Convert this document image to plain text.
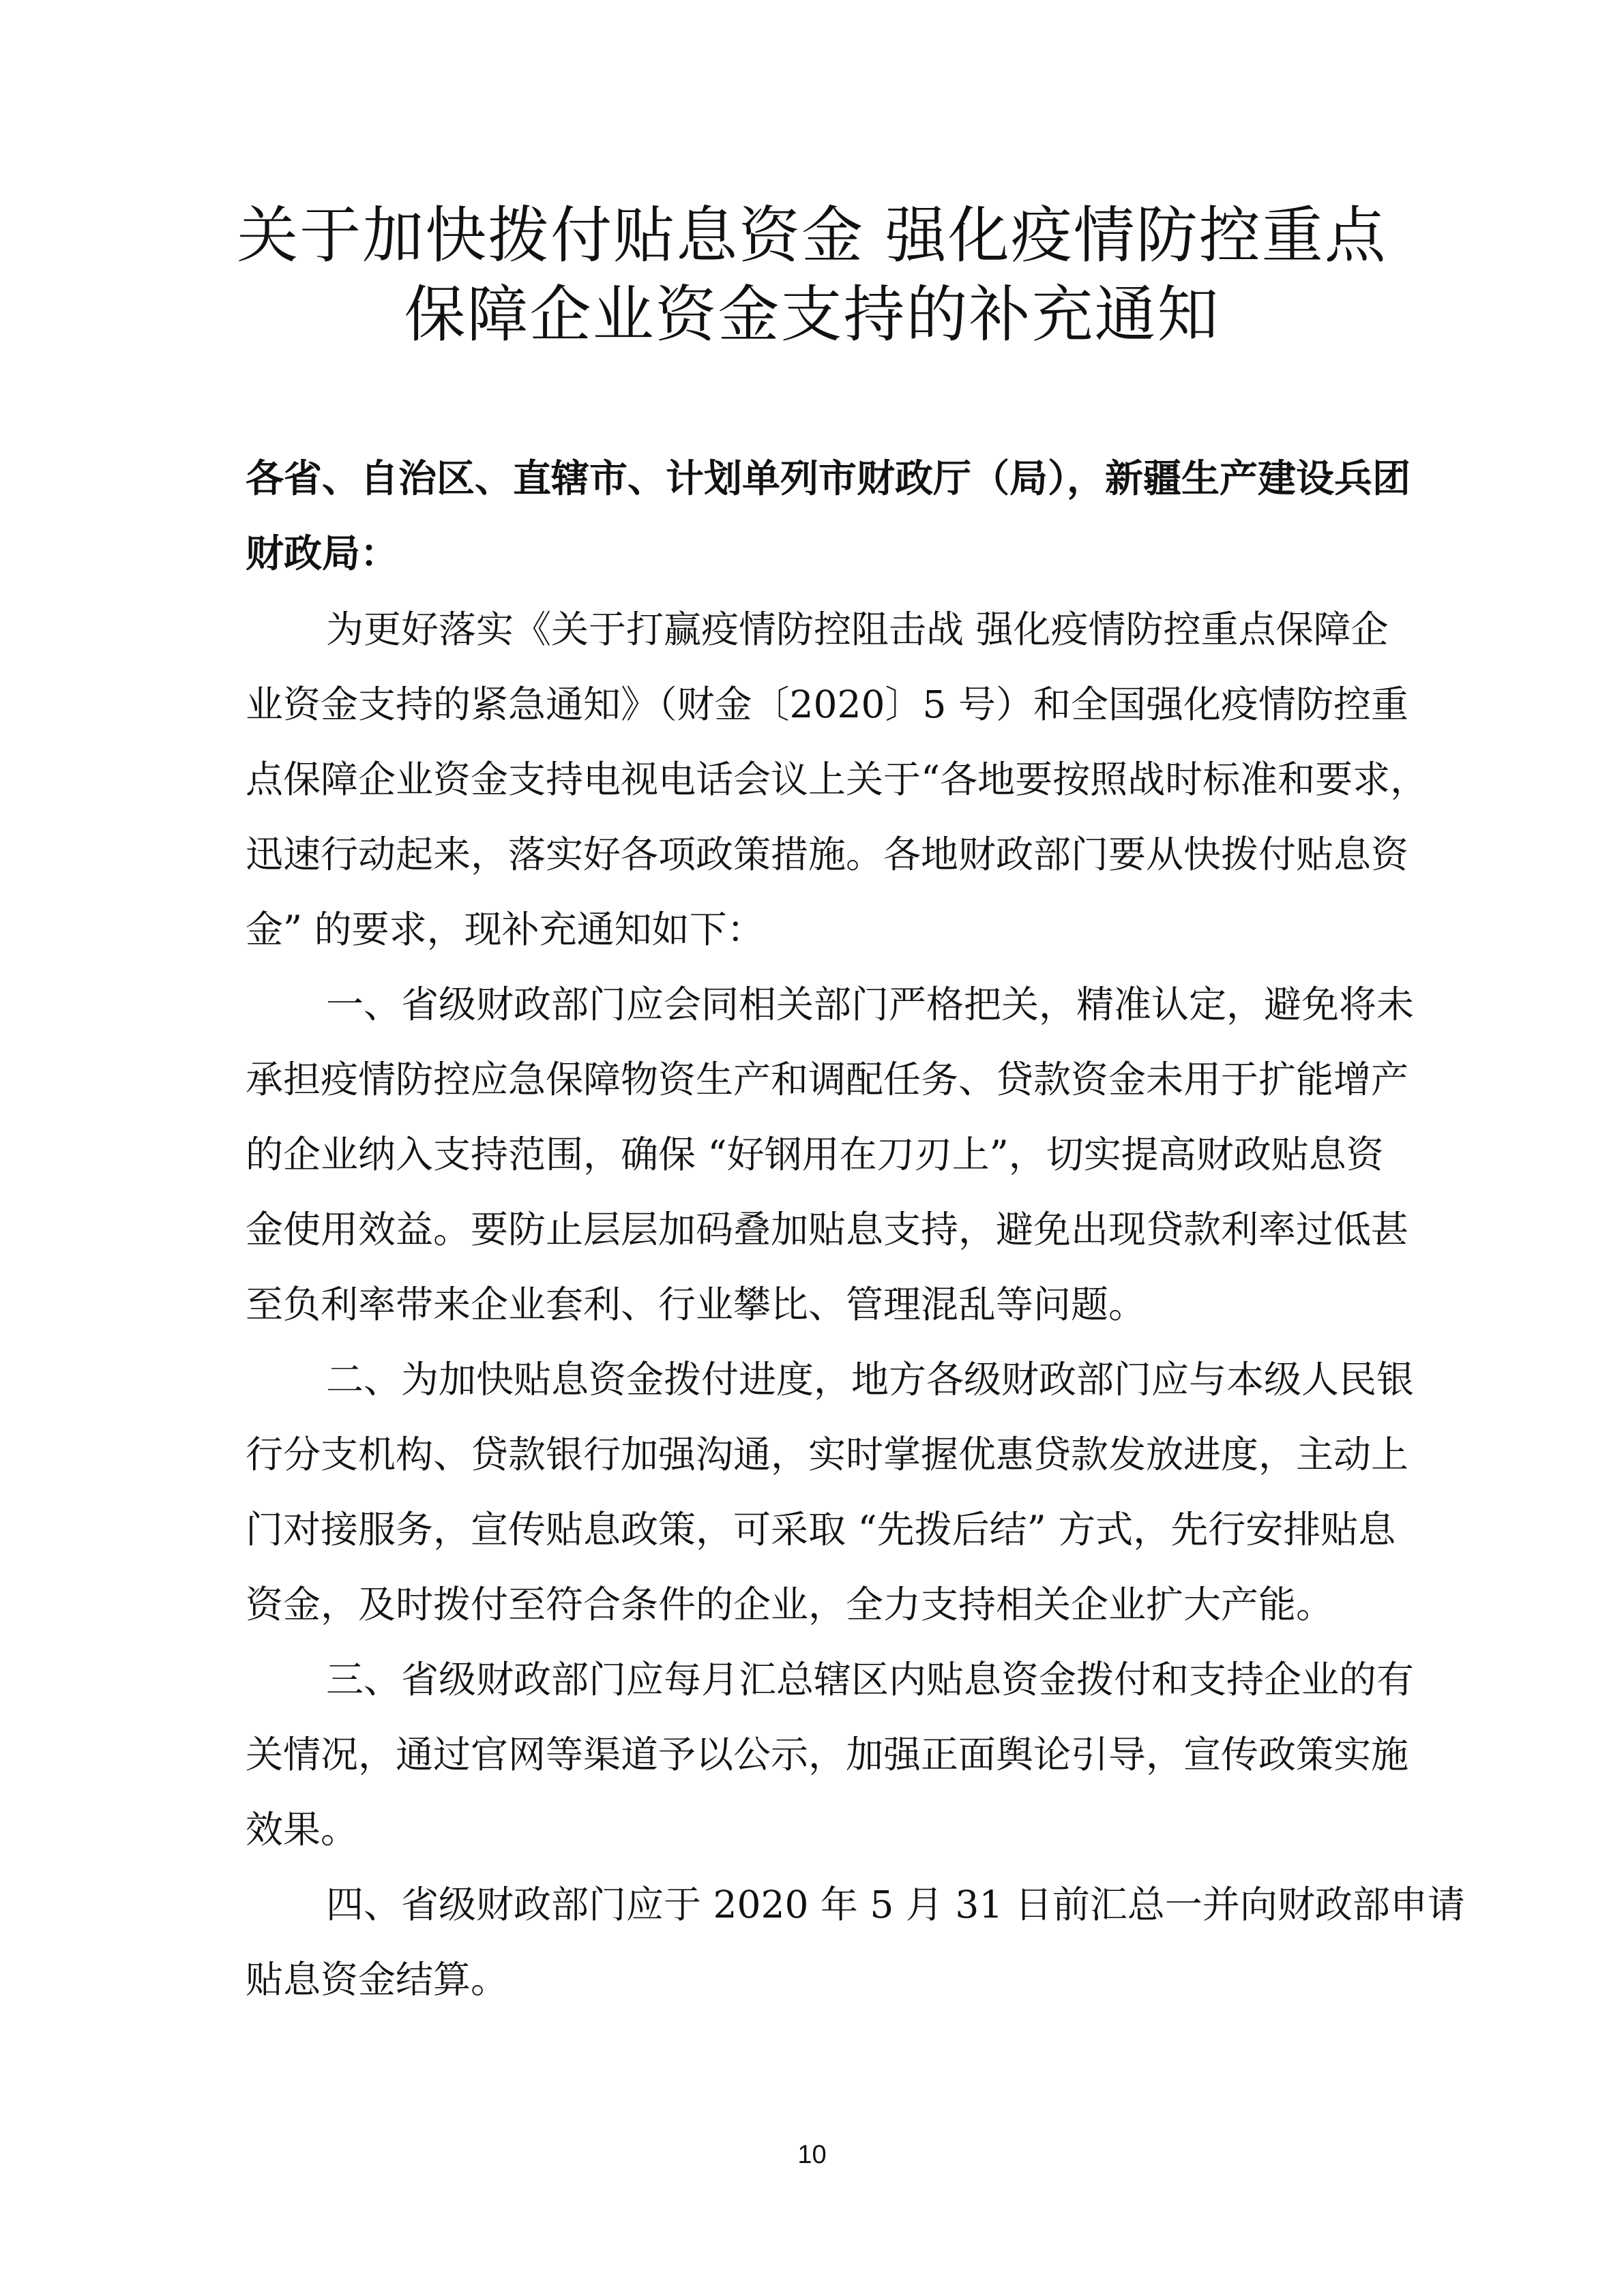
关于加快拨付贴息资金 强化疫情防控重点
保障企业资金支持的补充通知
各省、自治区、直辖市、计划单列市财政厅（局），新疆生产建设兵团
财政局：
为更好落实《关于打赢疫情防控阻击战 强化疫情防控重点保障企
业资金支持的紧急通知》（财金〔2020〕5 号）和全国强化疫情防控重
点保障企业资金支持电视电话会议上关于“各地要按照战时标准和要求，
迅速行动起来，落实好各项政策措施。各地财政部门要从快拨付贴息资
金” 的要求，现补充通知如下：
一、省级财政部门应会同相关部门严格把关，精准认定，避免将未
承担疫情防控应急保障物资生产和调配任务、贷款资金未用于扩能增产
的企业纳入支持范围，确保 “好钢用在刀刃上”，切实提高财政贴息资
金使用效益。要防止层层加码叠加贴息支持，避免出现贷款利率过低甚
至负利率带来企业套利、行业攀比、管理混乱等问题。
二、为加快贴息资金拨付进度，地方各级财政部门应与本级人民银
行分支机构、贷款银行加强沟通，实时掌握优惠贷款发放进度，主动上
门对接服务，宣传贴息政策，可采取 “先拨后结” 方式，先行安排贴息
资金，及时拨付至符合条件的企业，全力支持相关企业扩大产能。
三、省级财政部门应每月汇总辖区内贴息资金拨付和支持企业的有
关情况，通过官网等渠道予以公示，加强正面舆论引导，宣传政策实施
效果。
四、省级财政部门应于 2020 年 5 月 31 日前汇总一并向财政部申请
贴息资金结算。
10
